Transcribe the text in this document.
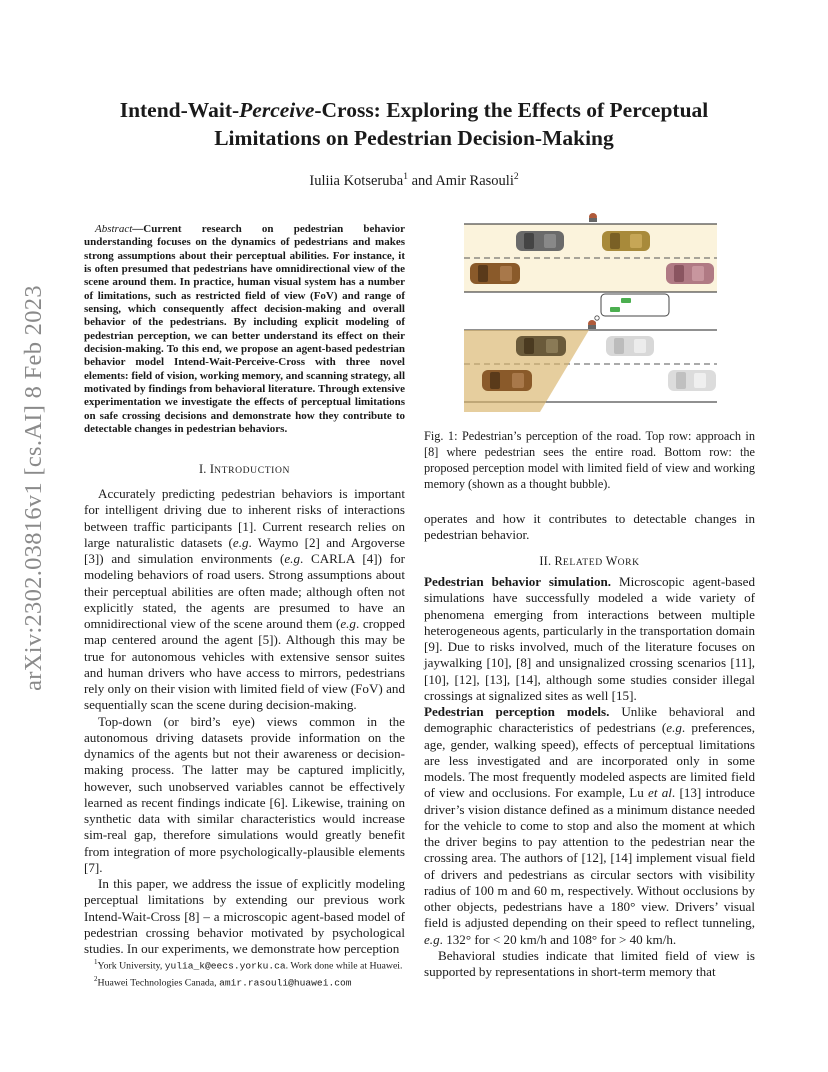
arXiv:2302.03816v1 [cs.AI] 8 Feb 2023
Intend-Wait-Perceive-Cross: Exploring the Effects of Perceptual
Limitations on Pedestrian Decision-Making
Iuliia Kotseruba$^1$ and Amir Rasouli$^2$

Abstract—Current research on pedestrian behavior understanding focuses on the dynamics of pedestrians and makes strong assumptions about their perceptual abilities. For instance, it is often presumed that pedestrians have omnidirectional view of the scene around them. In practice, human visual system has a number of limitations, such as restricted field of view (FoV) and range of sensing, which consequently affect decision-making and overall behavior of the pedestrians. By including explicit modeling of pedestrian perception, we can better understand its effect on their decision-making. To this end, we propose an agent-based pedestrian behavior model Intend-Wait-Perceive-Cross with three novel elements: field of vision, working memory, and scanning strategy, all motivated by findings from behavioral literature. Through extensive experimentation we investigate the effects of perceptual limitations on safe crossing decisions and demonstrate how they contribute to detectable changes in pedestrian behaviors.

I. INTRODUCTION

Accurately predicting pedestrian behaviors is important for intelligent driving due to inherent risks of interactions between traffic participants [1]. Current research relies on large naturalistic datasets (e.g. Waymo [2] and Argoverse [3]) and simulation environments (e.g. CARLA [4]) for modeling behaviors of road users. Strong assumptions about their perceptual abilities are often made; although often not explicitly stated, the agents are presumed to have an omnidirectional view of the scene around them (e.g. cropped map centered around the agent [5]). Although this may be true for autonomous vehicles with extensive sensor suites and human drivers who have access to mirrors, pedestrians rely only on their vision with limited field of view (FoV) and sequentially scan the scene during decision-making.

Top-down (or bird’s eye) views common in the autonomous driving datasets provide information on the dynamics of the agents but not their awareness or decision-making process. The latter may be captured implicitly, however, such unobserved variables cannot be effectively learned as recent findings indicate [6]. Likewise, training on synthetic data with similar characteristics would increase sim-real gap, therefore simulations would greatly benefit from integration of more psychologically-plausible elements [7].

In this paper, we address the issue of explicitly modeling perceptual limitations by extending our previous work Intend-Wait-Cross [8] – a microscopic agent-based model of pedestrian crossing behavior motivated by psychological studies. In our experiments, we demonstrate how perception

$^1$York University, yulia_k@eecs.yorku.ca. Work done while at Huawei.
$^2$Huawei Technologies Canada, amir.rasouli@huawei.com
Fig. 1: Pedestrian’s perception of the road. Top row: approach in [8] where pedestrian sees the entire road. Bottom row: the proposed perception model with limited field of view and working memory (shown as a thought bubble).

operates and how it contributes to detectable changes in pedestrian behavior.

II. RELATED WORK

Pedestrian behavior simulation. Microscopic agent-based simulations have successfully modeled a wide variety of phenomena emerging from interactions between multiple heterogeneous agents, particularly in the transportation domain [9]. Due to risks involved, much of the literature focuses on jaywalking [10], [8] and unsignalized crossing scenarios [11], [10], [12], [13], [14], although some studies consider illegal crossings at signalized sites as well [15].

Pedestrian perception models. Unlike behavioral and demographic characteristics of pedestrians (e.g. preferences, age, gender, walking speed), effects of perceptual limitations are less investigated and are incorporated only in some models. The most frequently modeled aspects are limited field of view and occlusions. For example, Lu et al. [13] introduce driver’s vision distance defined as a minimum distance needed for the vehicle to come to stop and also the moment at which the driver begins to pay attention to the pedestrian near the crossing area. The authors of [12], [14] implement visual field of drivers and pedestrians as circular sectors with visibility radius of 100 m and 60 m, respectively. Without occlusions by other objects, pedestrians have a 180° view. Drivers’ visual field is adjusted depending on their speed to reflect tunneling, e.g. 132° for < 20 km/h and 108° for > 40 km/h.

Behavioral studies indicate that limited field of view is supported by representations in short-term memory that
